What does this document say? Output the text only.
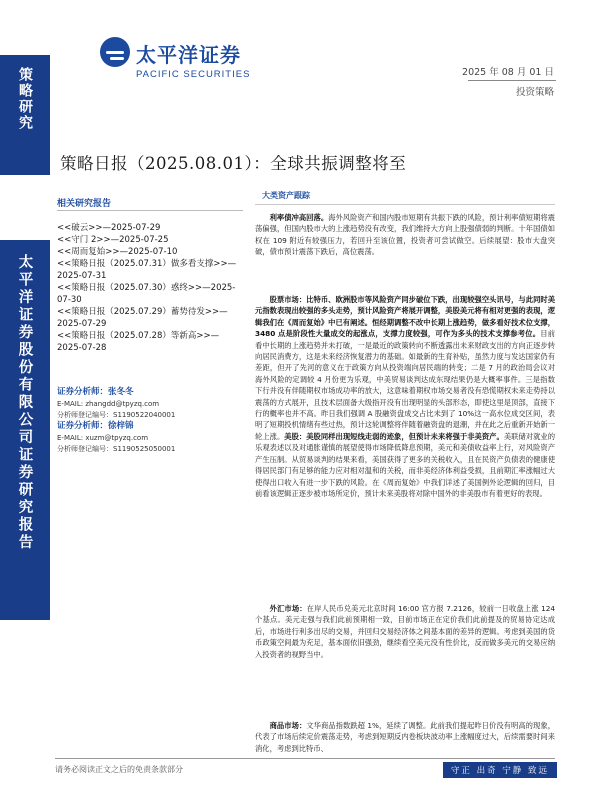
策略研究
太平洋证券股份有限公司证券研究报告
太平洋证券
PACIFIC SECURITIES	2025 年 08 月 01 日
投资策略
策略日报（2025.08.01）：全球共振调整将至
相关研究报告
<<破云>>—2025-07-29
<<守门 2>>—2025-07-25
<<周而复始>>—2025-07-10
<<策略日报（2025.07.31）做多看支撑>>—2025-07-31
<<策略日报（2025.07.30）惑终>>—2025-07-30
<<策略日报（2025.07.29）蓄势待发>>—2025-07-29
<<策略日报（2025.07.28）等新高>>—2025-07-28
证券分析师：张冬冬
E-MAIL: zhangdd@tpyzq.com
分析师登记编号：S1190522040001
证券分析师：徐梓锦
E-MAIL: xuzm@tpyzq.com
分析师登记编号：S1190525050001
大类资产跟踪

利率债冲高回落。海外风险资产和国内股市短期有共振下跌的风险，预计利率债短期将震荡偏强，但国内股市大的上涨趋势没有改变，我们维持大方向上股强债弱的判断。十年国债如权在 109 附近有较强压力，若回升至该位置，投资者可尝试做空。后续展望：股市大盘突破，债市预计震荡下跌后，高位震荡。

股票市场：比特币、欧洲股市等风险资产同步破位下跌，出现较强空头讯号，与此同时美元指数表现出较强的多头走势，预计风险资产将展开调整，美股美元将有相对更强的表现，逻辑我们在《周而复始》中已有阐述。恒经期调整不改中长期上涨趋势，做多看好技术位支撑，3480 点是阶段性大量成交的起涨点，支撑力度较强，可作为多头的技术支撑参考位。目前看中长期的上涨趋势并未打破，一是最近的政策转向不断透露出未来财政支出的方向正逐步转向居民消费方，这是未来经济恢复潜力的基础。如最新的生育补贴，虽然力度与发达国家仍有差距，但开了先河的意义在于政策方向从投资端向居民端的转变；二是 7 月的政治局会议对海外风险的定调较 4 月份更为乐观，中美贸易谈判达成东现结果仍是大概率事件。三是指数下行并没有伴随期权市场成功率的放大，这意味着期权市场交易者没有恐慌期权未来走势持以震荡的方式展开，且技术层面备大级指开没有出现明显的头部形态，即使这里是顶部，直接下行的概率也并不高。昨日我们强调 A 股融资盘成交占比未到了 10%这一高水位成交区间，表明了短期投机情绪有些过热，预计这轮调整将伴随着融资盘的退潮，并在此之后重新开始新一轮上涨。美股：美股同样出现短线走弱的迹象，但预计未来将强于非美资产。美联储对就业的乐观表述以及对通胀谨慎的展望使得市场降低降息预期，美元和美债收益率上行，对风险资产产生压制。从贸易谈判的结果来看，美国获得了更多的关税收入，且在民资产负债表的健康使得居民部门有足够的能力应对相对温和的关税，而非美经济体利益受损，且前期汇率涨幅过大使得出口收入有进一步下跌的风险。在《周而复始》中我们详述了美国例外论逻辑的回归，目前看该逻辑正逐步被市场所定价，预计未来美股将对除中国外的非美股市有着更好的表现。

外汇市场：在岸人民币兑美元北京时间 16:00 官方报 7.2126，较前一日收盘上涨 124 个基点。美元走强与我们此前预期相一致，目前市场正在定价我们此前提及的贸易协定达成后，市场进行利多出尽的交易，并回归交易经济体之间基本面的差异的逻辑。考虑到美国的货币政策空间最为充足，基本面依旧强劲，继续看空美元没有性价比，反而做多美元的交易应纳入投资者的视野当中。

商品市场：文华商品指数跌超 1%，延续了调整。此前我们提起昨日价没有明高的现象，代表了市场后续定价震荡走势，考虑到短期反内卷板块波动率上涨幅度过大，后续需要时间来消化，考虑到比特币、

请务必阅读正文之后的免责条款部分	守正 出奇 宁静 致远
